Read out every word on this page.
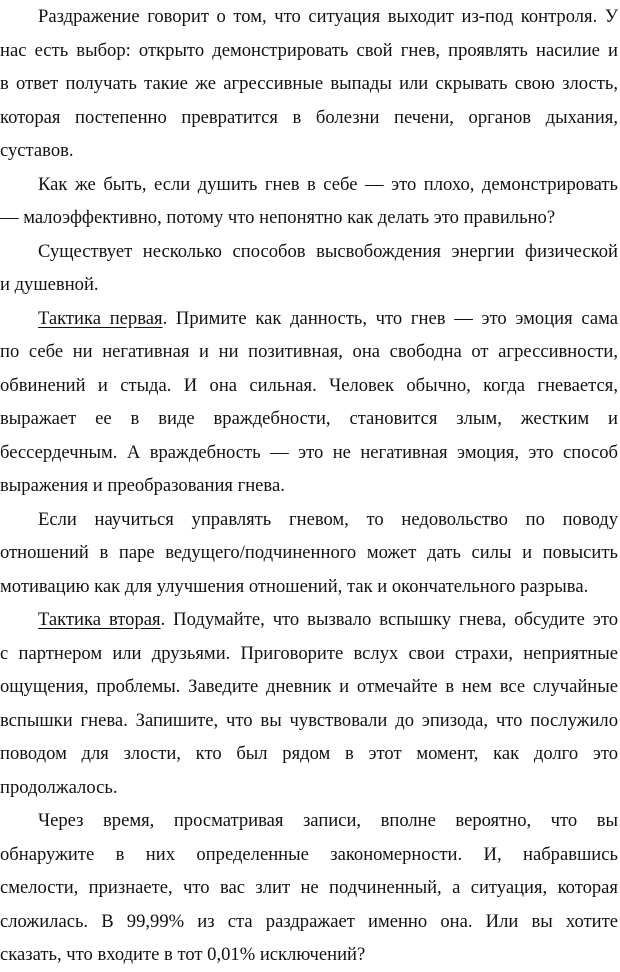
Раздражение говорит о том, что ситуация выходит из-под контроля. У
нас есть выбор: открыто демонстрировать свой гнев, проявлять насилие и
в ответ получать такие же агрессивные выпады или скрывать свою злость,
которая постепенно превратится в болезни печени, органов дыхания,
суставов.
Как же быть, если душить гнев в себе — это плохо, демонстрировать
— малоэффективно, потому что непонятно как делать это правильно?
Существует несколько способов высвобождения энергии физической
и душевной.
Тактика первая. Примите как данность, что гнев — это эмоция сама
по себе ни негативная и ни позитивная, она свободна от агрессивности,
обвинений и стыда. И она сильная. Человек обычно, когда гневается,
выражает ее в виде враждебности, становится злым, жестким и
бессердечным. А враждебность — это не негативная эмоция, это способ
выражения и преобразования гнева.
Если научиться управлять гневом, то недовольство по поводу
отношений в паре ведущего/подчиненного может дать силы и повысить
мотивацию как для улучшения отношений, так и окончательного разрыва.
Тактика вторая. Подумайте, что вызвало вспышку гнева, обсудите это
с партнером или друзьями. Приговорите вслух свои страхи, неприятные
ощущения, проблемы. Заведите дневник и отмечайте в нем все случайные
вспышки гнева. Запишите, что вы чувствовали до эпизода, что послужило
поводом для злости, кто был рядом в этот момент, как долго это
продолжалось.
Через время, просматривая записи, вполне вероятно, что вы
обнаружите в них определенные закономерности. И, набравшись
смелости, признаете, что вас злит не подчиненный, а ситуация, которая
сложилась. В 99,99% из ста раздражает именно она. Или вы хотите
сказать, что входите в тот 0,01% исключений?
